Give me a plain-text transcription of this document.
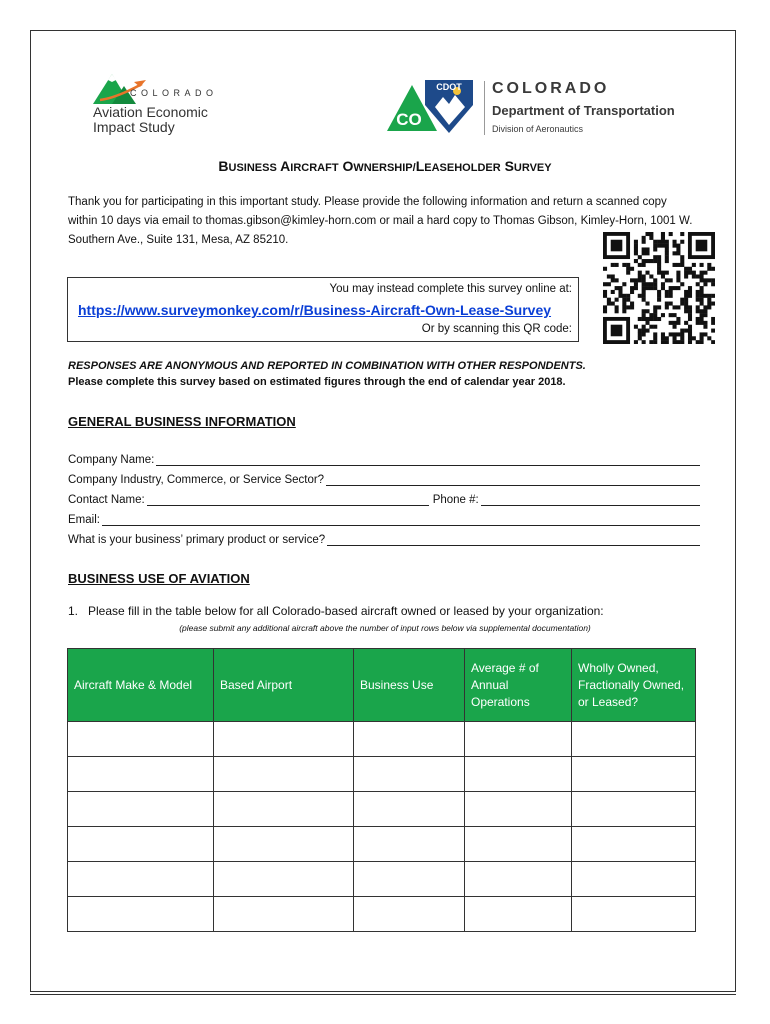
COLORADO
Aviation Economic
Impact Study
CDOT
CO
COLORADO
Department of Transportation
Division of Aeronautics
BUSINESS AIRCRAFT OWNERSHIP/LEASEHOLDER SURVEY
Thank you for participating in this important study. Please provide the following information and return a scanned copy within 10 days via email to thomas.gibson@kimley-horn.com or mail a hard copy to Thomas Gibson, Kimley-Horn, 1001 W. Southern Ave., Suite 131, Mesa, AZ 85210.
You may instead complete this survey online at:
https://www.surveymonkey.com/r/Business-Aircraft-Own-Lease-Survey
Or by scanning this QR code:
RESPONSES ARE ANONYMOUS AND REPORTED IN COMBINATION WITH OTHER RESPONDENTS.
Please complete this survey based on estimated figures through the end of calendar year 2018.
GENERAL BUSINESS INFORMATION
Company Name:
Company Industry, Commerce, or Service Sector?
Contact Name:	Phone #:
Email:
What is your business’ primary product or service?
BUSINESS USE OF AVIATION
1.   Please fill in the table below for all Colorado-based aircraft owned or leased by your organization:
(please submit any additional aircraft above the number of input rows below via supplemental documentation)
Aircraft Make & Model	Based Airport	Business Use	Average # of Annual Operations	Wholly Owned, Fractionally Owned, or Leased?
